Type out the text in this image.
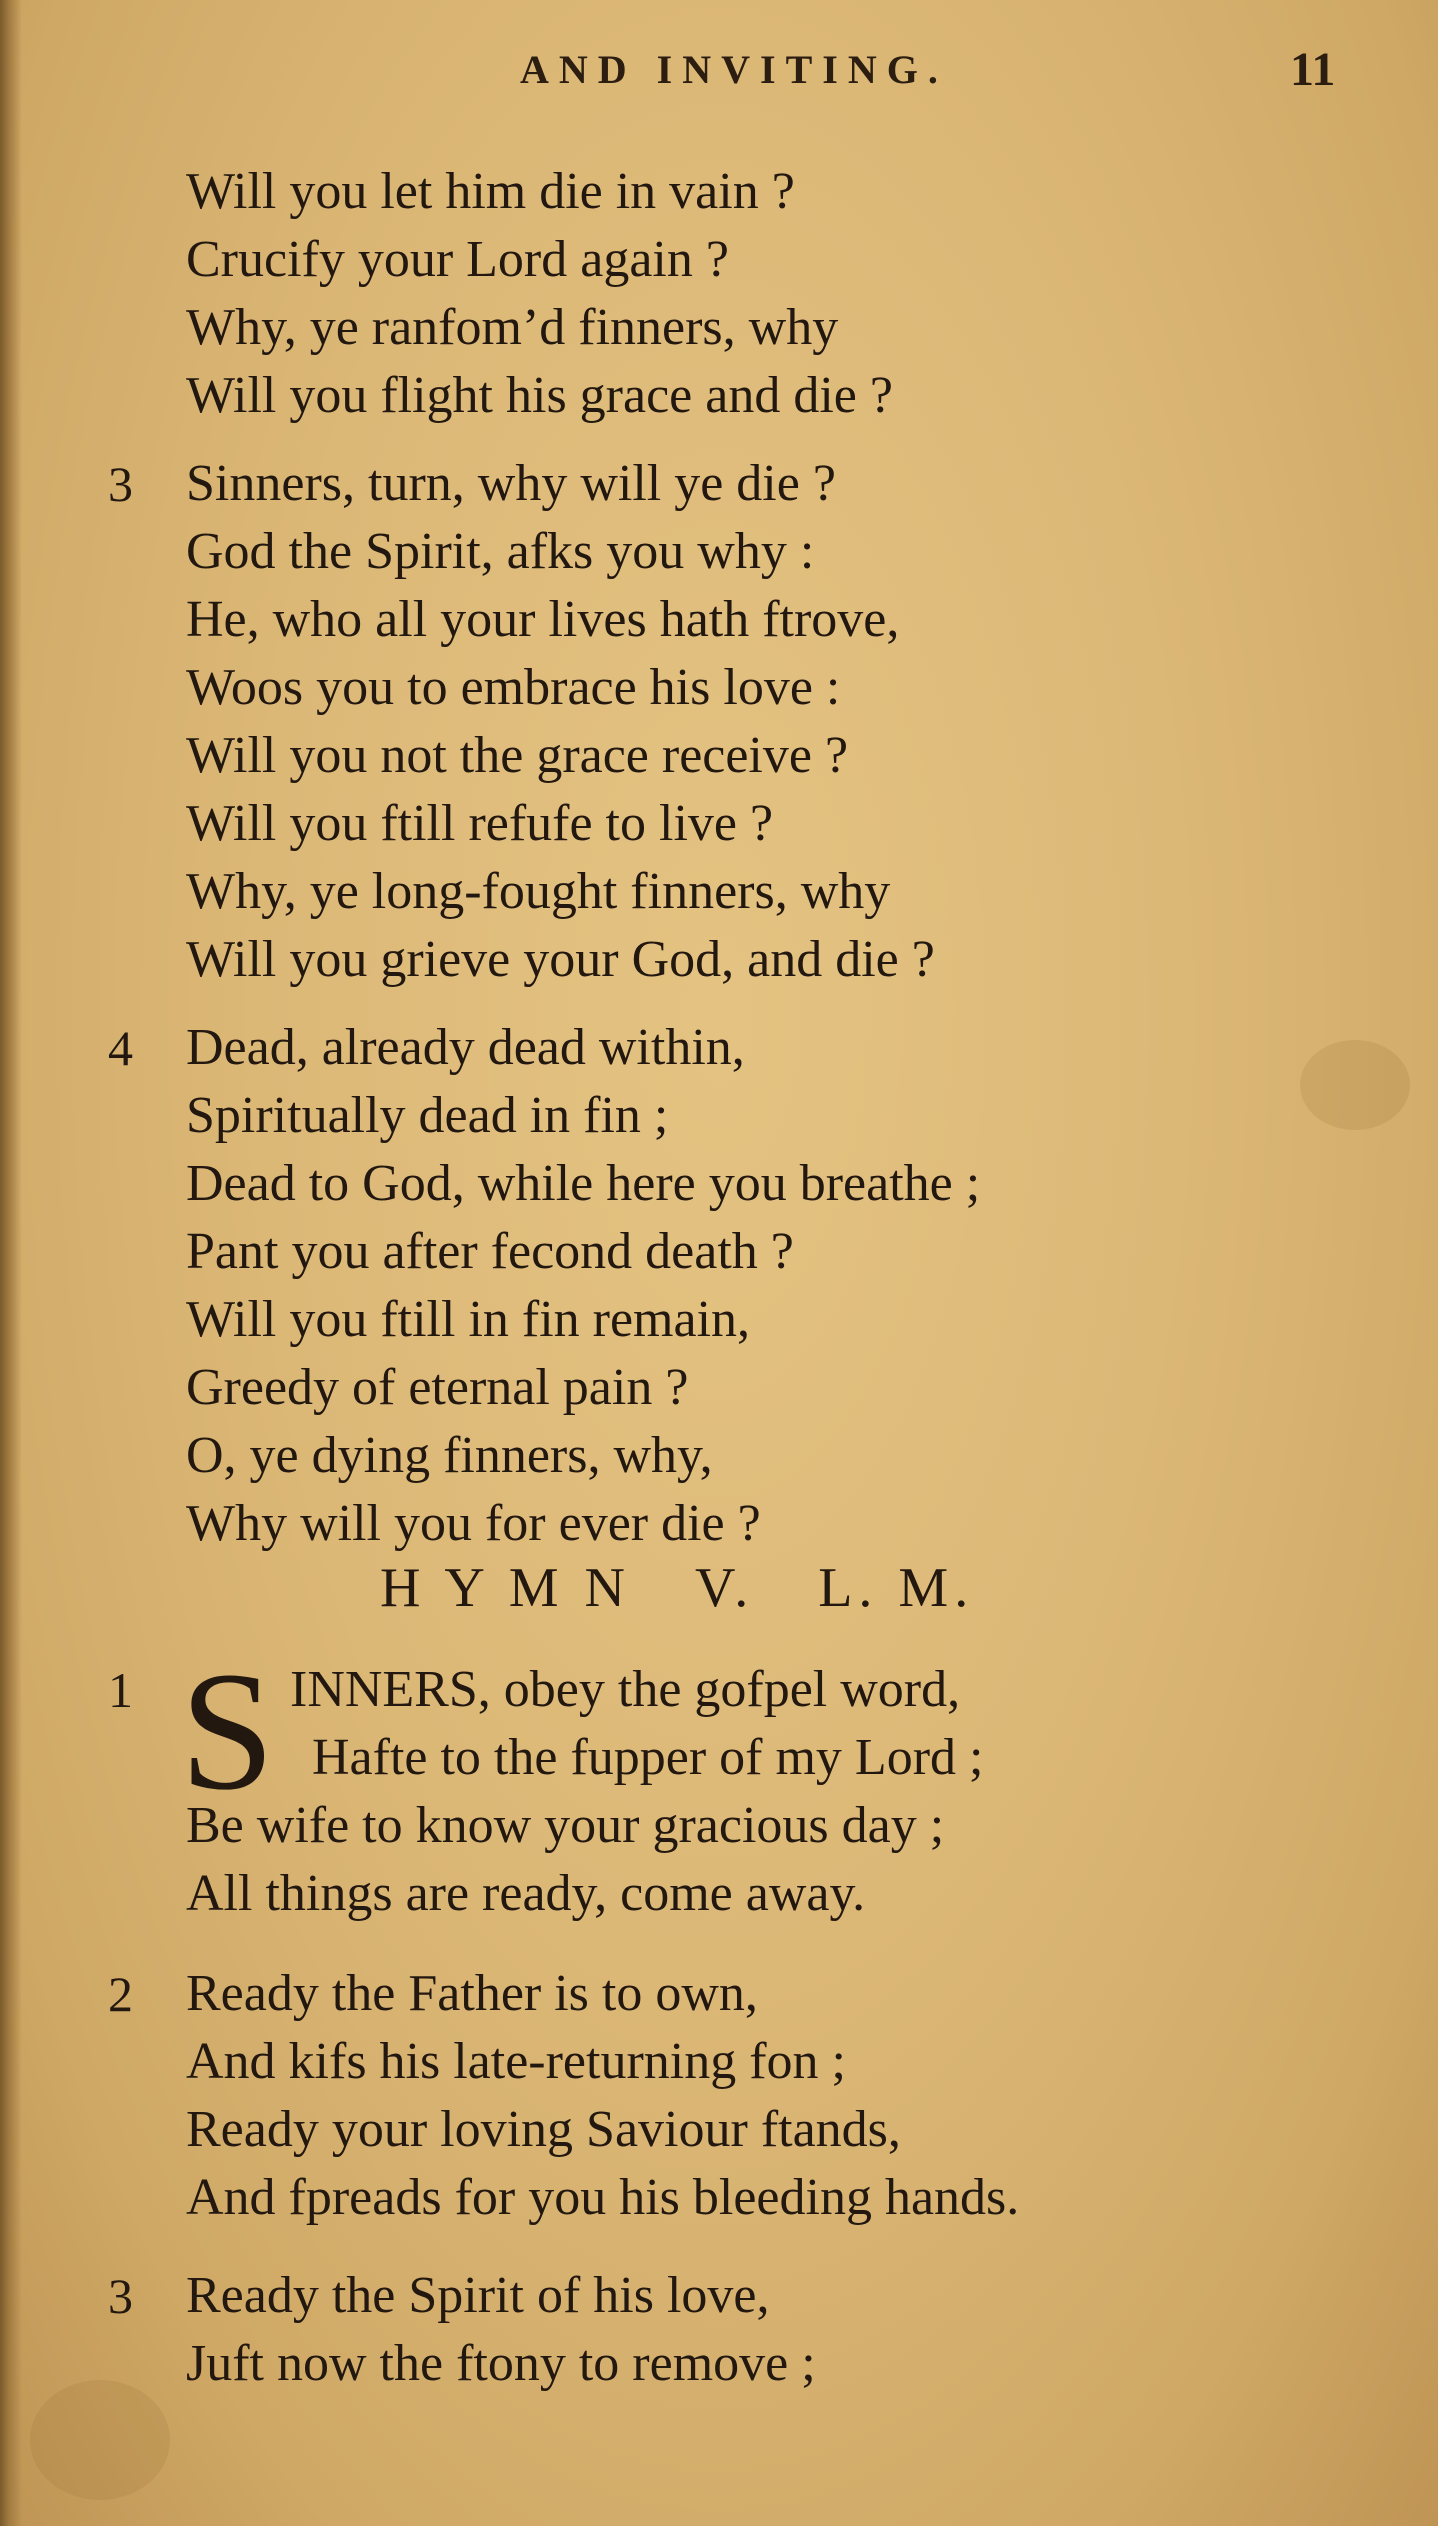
AND INVITING.	11
Will you let him die in vain ?
Crucify your Lord again ?
Why, ye ranfom’d finners, why
Will you flight his grace and die ?
3 Sinners, turn, why will ye die ?
God the Spirit, afks you why :
He, who all your lives hath ftrove,
Woos you to embrace his love :
Will you not the grace receive ?
Will you ftill refufe to live ?
Why, ye long-fought finners, why
Will you grieve your God, and die ?
4 Dead, already dead within,
Spiritually dead in fin ;
Dead to God, while here you breathe ;
Pant you after fecond death ?
Will you ftill in fin remain,
Greedy of eternal pain ?
O, ye dying finners, why,
Why will you for ever die ?
H Y M N V. L. M.
1 S INNERS, obey the gofpel word,
Hafte to the fupper of my Lord ;
Be wife to know your gracious day ;
All things are ready, come away.
2 Ready the Father is to own,
And kifs his late-returning fon ;
Ready your loving Saviour ftands,
And fpreads for you his bleeding hands.
3 Ready the Spirit of his love,
Juft now the ftony to remove ;
